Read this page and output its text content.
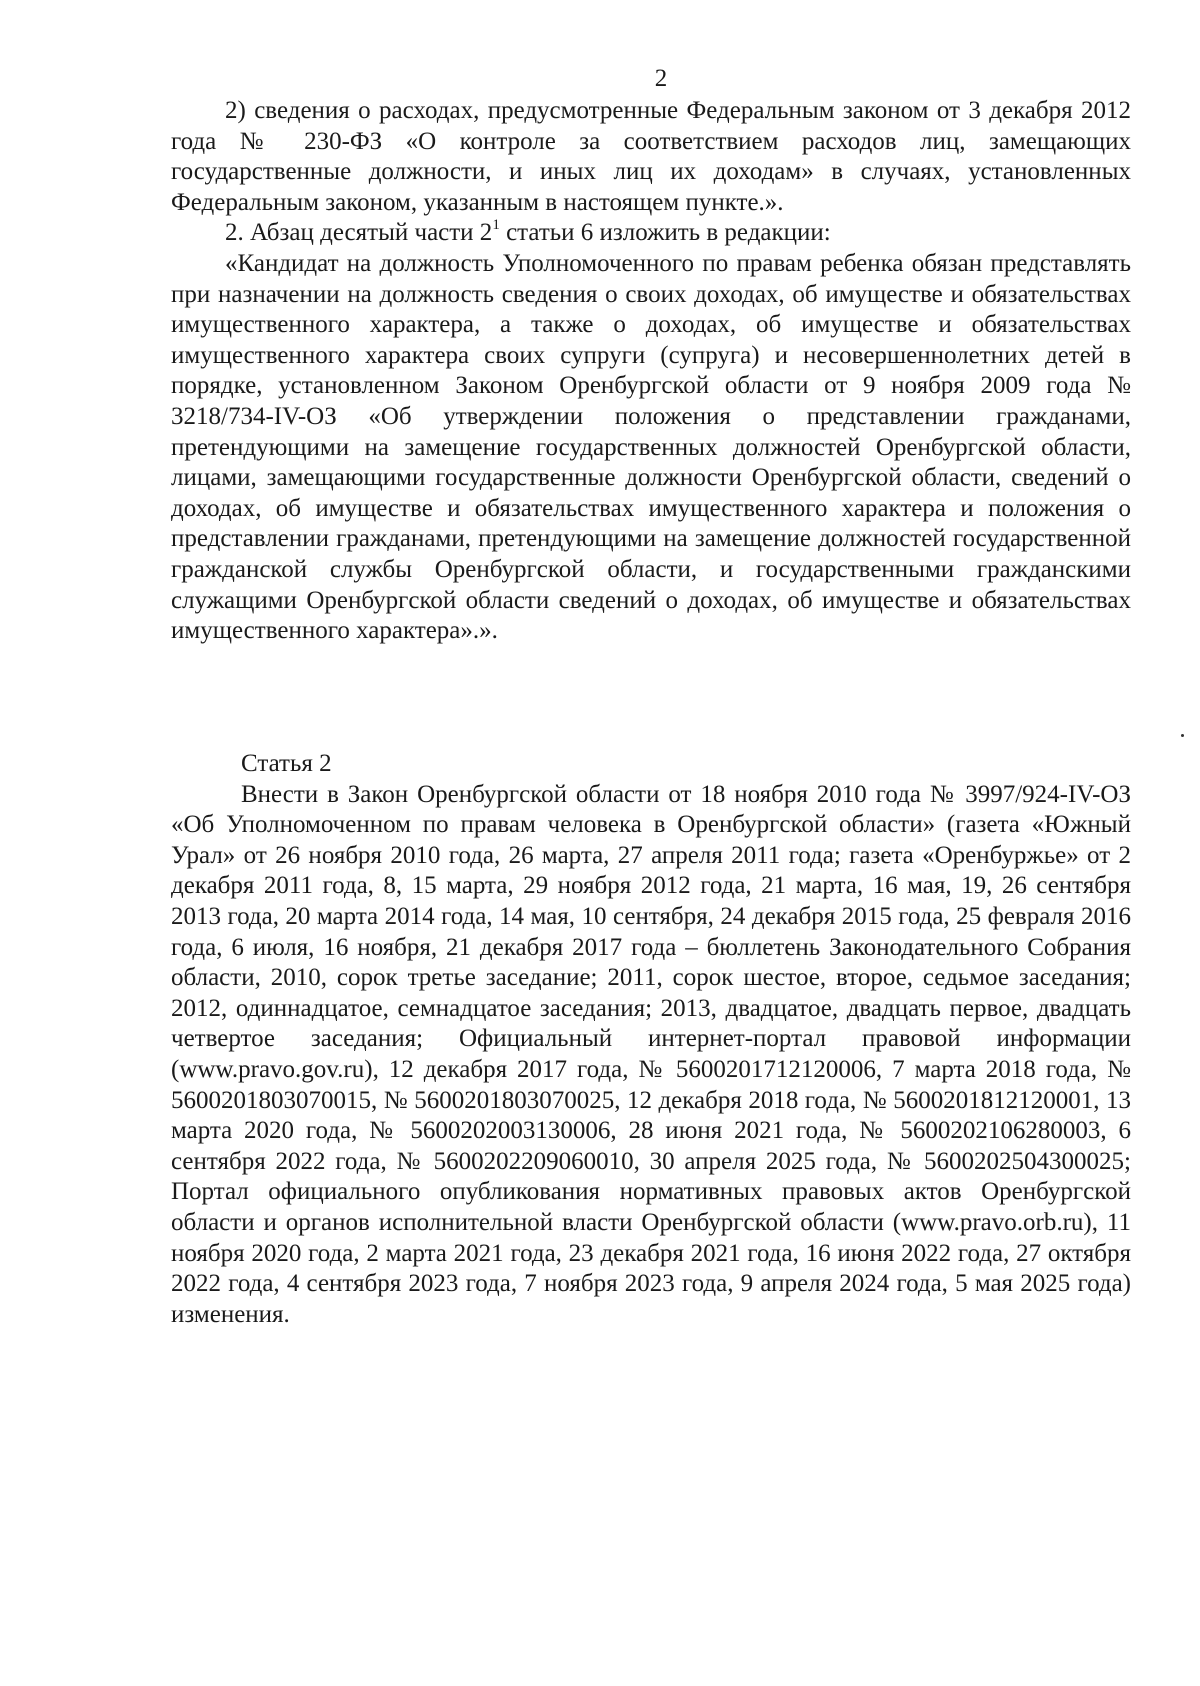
2

2) сведения о расходах, предусмотренные Федеральным законом от 3 декабря 2012 года № 230-ФЗ «О контроле за соответствием расходов лиц, замещающих государственные должности, и иных лиц их доходам» в случаях, установленных Федеральным законом, указанным в настоящем пункте.».

2. Абзац десятый части $2^1$ статьи 6 изложить в редакции:

«Кандидат на должность Уполномоченного по правам ребенка обязан представлять при назначении на должность сведения о своих доходах, об имуществе и обязательствах имущественного характера, а также о доходах, об имуществе и обязательствах имущественного характера своих супруги (супруга) и несовершеннолетних детей в порядке, установленном Законом Оренбургской области от 9 ноября 2009 года № 3218/734-IV-ОЗ «Об утверждении положения о представлении гражданами, претендующими на замещение государственных должностей Оренбургской области, лицами, замещающими государственные должности Оренбургской области, сведений о доходах, об имуществе и обязательствах имущественного характера и положения о представлении гражданами, претендующими на замещение должностей государственной гражданской службы Оренбургской области, и государственными гражданскими служащими Оренбургской области сведений о доходах, об имуществе и обязательствах имущественного характера».».

Статья 2

Внести в Закон Оренбургской области от 18 ноября 2010 года № 3997/924-IV-ОЗ «Об Уполномоченном по правам человека в Оренбургской области» (газета «Южный Урал» от 26 ноября 2010 года, 26 марта, 27 апреля 2011 года; газета «Оренбуржье» от 2 декабря 2011 года, 8, 15 марта, 29 ноября 2012 года, 21 марта, 16 мая, 19, 26 сентября 2013 года, 20 марта 2014 года, 14 мая, 10 сентября, 24 декабря 2015 года, 25 февраля 2016 года, 6 июля, 16 ноября, 21 декабря 2017 года – бюллетень Законодательного Собрания области, 2010, сорок третье заседание; 2011, сорок шестое, второе, седьмое заседания; 2012, одиннадцатое, семнадцатое заседания; 2013, двадцатое, двадцать первое, двадцать четвертое заседания; Официальный интернет-портал правовой информации (www.pravo.gov.ru), 12 декабря 2017 года, № 5600201712120006, 7 марта 2018 года, № 5600201803070015, № 5600201803070025, 12 декабря 2018 года, № 5600201812120001, 13 марта 2020 года, № 5600202003130006, 28 июня 2021 года, № 5600202106280003, 6 сентября 2022 года, № 5600202209060010, 30 апреля 2025 года, № 5600202504300025; Портал официального опубликования нормативных правовых актов Оренбургской области и органов исполнительной власти Оренбургской области (www.pravo.orb.ru), 11 ноября 2020 года, 2 марта 2021 года, 23 декабря 2021 года, 16 июня 2022 года, 27 октября 2022 года, 4 сентября 2023 года, 7 ноября 2023 года, 9 апреля 2024 года, 5 мая 2025 года) изменения.
